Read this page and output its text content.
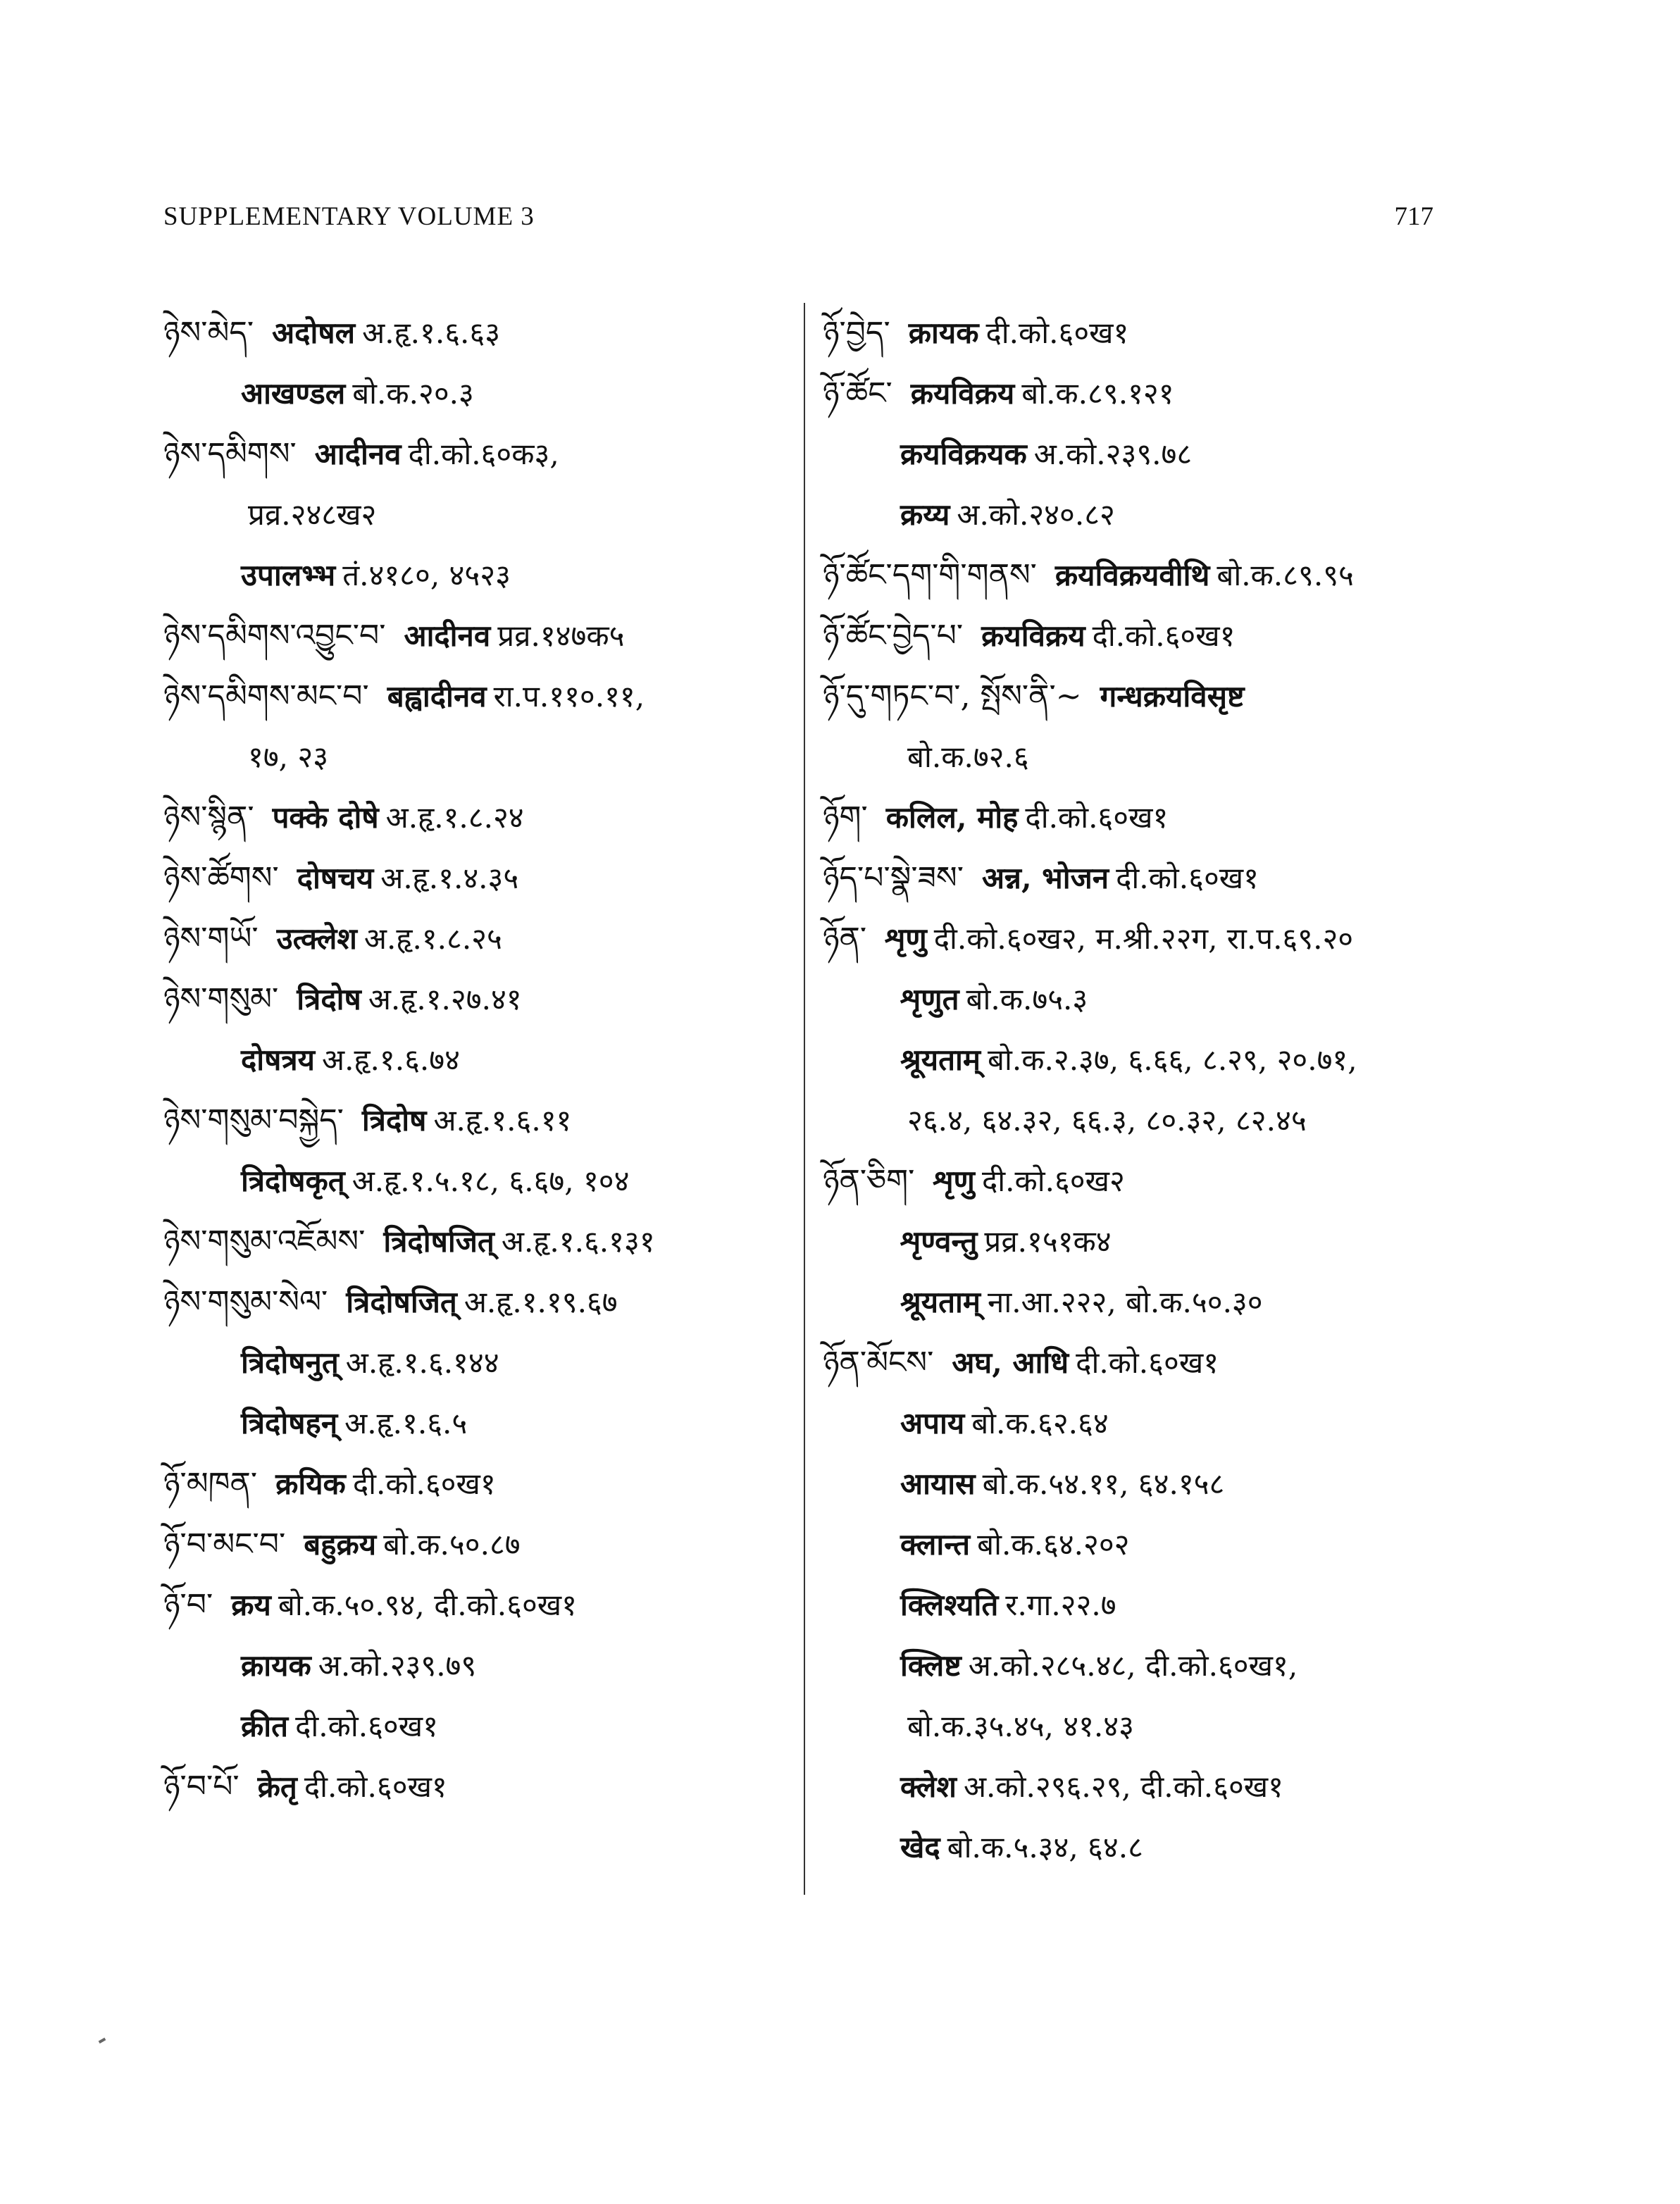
SUPPLEMENTARY VOLUME 3	717
ཉེས་མེད་ अदोषल अ.हृ.१.६.६३
आखण्डल बो.क.२०.३
ཉེས་དམིགས་ आदीनव दी.को.६०क३,
प्रव्र.२४८ख२
उपालभ्भ तं.४१८०, ४५२३
ཉེས་དམིགས་འབྱུང་བ་ आदीनव प्रव्र.१४७क५
ཉེས་དམིགས་མང་བ་ बह्वादीनव रा.प.११०.११,
१७, २३
ཉེས་སྙིན་ पक्के दोषे अ.हृ.१.८.२४
ཉེས་ཚོགས་ दोषचय अ.हृ.१.४.३५
ཉེས་གཡོ་ उत्क्लेश अ.हृ.१.८.२५
ཉེས་གསུམ་ त्रिदोष अ.हृ.१.२७.४१
दोषत्रय अ.हृ.१.६.७४
ཉེས་གསུམ་བསྐྱེད་ त्रिदोष अ.हृ.१.६.११
त्रिदोषकृत् अ.हृ.१.५.१८, ६.६७, १०४
ཉེས་གསུམ་འཇོམས་ त्रिदोषजित् अ.हृ.१.६.१३१
ཉེས་གསུམ་སེལ་ त्रिदोषजित् अ.हृ.१.१९.६७
त्रिदोषनुत् अ.हृ.१.६.१४४
त्रिदोषहन् अ.हृ.१.६.५
ཉོ་མཁན་ क्रयिक दी.को.६०ख१
ཉོ་བ་མང་བ་ बहुक्रय बो.क.५०.८७
ཉོ་བ་ क्रय बो.क.५०.९४, दी.को.६०ख१
क्रायक अ.को.२३९.७९
क्रीत दी.को.६०ख१
ཉོ་བ་པོ་ क्रेतृ दी.को.६०ख१
ཉོ་བྱེད་ क्रायक दी.को.६०ख१
ཉོ་ཚོང་ क्रयविक्रय बो.क.८९.१२१
क्रयविक्रयक अ.को.२३९.७८
क्रय्य अ.को.२४०.८२
ཉོ་ཚོང་དག་གི་གནས་ क्रयविक्रयवीथि बो.क.८९.९५
ཉོ་ཚོང་བྱེད་པ་ क्रयविक्रय दी.को.६०ख१
ཉོ་དུ་གཏང་བ་, སྤོས་ནི་~ गन्धक्रयविसृष्ट
बो.क.७२.६
ཉོག་ कलिल, मोह दी.को.६०ख१
ཉོད་པ་སྣེ་ཟས་ अन्न, भोजन दी.को.६०ख१
ཉོན་ शृणु दी.को.६०ख२, म.श्री.२२ग, रा.प.६९.२०
शृणुत बो.क.७५.३
श्रूयताम् बो.क.२.३७, ६.६६, ८.२९, २०.७१,
२६.४, ६४.३२, ६६.३, ८०.३२, ८२.४५
ཉོན་ཅིག་ शृणु दी.को.६०ख२
शृण्वन्तु प्रव्र.१५१क४
श्रूयताम् ना.आ.२२२, बो.क.५०.३०
ཉོན་མོངས་ अघ, आधि दी.को.६०ख१
अपाय बो.क.६२.६४
आयास बो.क.५४.११, ६४.१५८
क्लान्त बो.क.६४.२०२
क्लिश्यति र.गा.२२.७
क्लिष्ट अ.को.२८५.४८, दी.को.६०ख१,
बो.क.३५.४५, ४१.४३
क्लेश अ.को.२९६.२९, दी.को.६०ख१
खेद बो.क.५.३४, ६४.८
